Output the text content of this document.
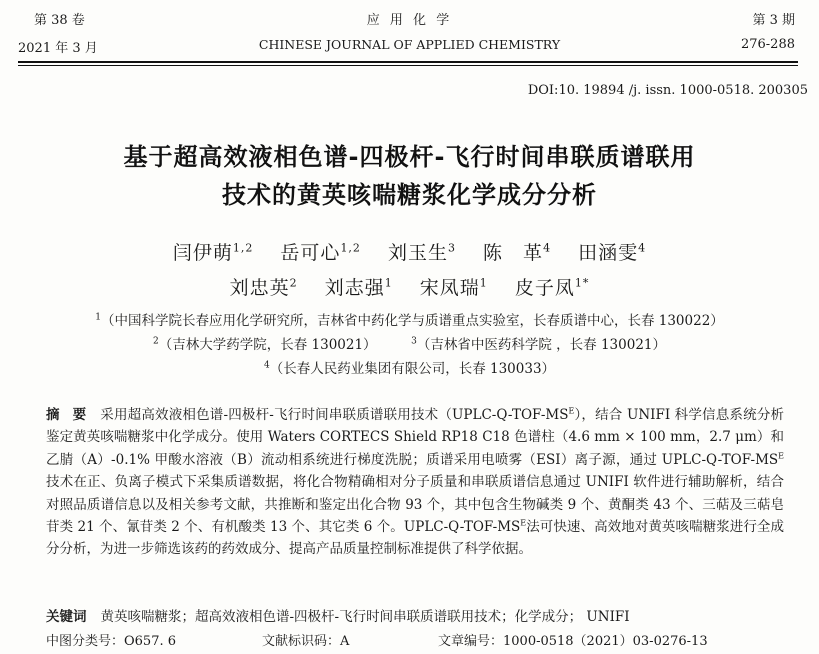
第 38 卷	应 用 化 学	第 3 期
2021 年 3 月	CHINESE JOURNAL OF APPLIED CHEMISTRY	276-288
DOI:10. 19894 /j. issn. 1000-0518. 200305
基于超高效液相色谱-四极杆-飞行时间串联质谱联用
技术的黄英咳喘糖浆化学成分分析
闫伊萌$^{1,2}$ 岳可心$^{1,2}$ 刘玉生$^3$ 陈　革$^4$ 田涵雯$^4$
刘忠英$^2$ 刘志强$^1$ 宋凤瑞$^1$ 皮子凤$^{1*}$
$^1$（中国科学院长春应用化学研究所，吉林省中药化学与质谱重点实验室，长春质谱中心，长春 130022）
$^2$（吉林大学药学院，长春 130021）	$^3$（吉林省中医药科学院 ，长春 130021）
$^4$（长春人民药业集团有限公司，长春 130033）
摘 要 采用超高效液相色谱-四极杆-飞行时间串联质谱联用技术$(UPLC-Q-TOF-MS^E)$，结合 UNIFI 科学信息系统分析鉴定黄英咳喘糖浆中化学成分。使用 Waters CORTECS Shield RP18 C18 色谱柱（4.6 mm × 100 mm，2.7 μm）和 乙腈（A）-0.1% 甲酸水溶液（B）流动相系统进行梯度洗脱；质谱采用电喷雾（ESI）离子源，通过 UPLC-$Q-TOF-MS^E$技术在正、负离子模式下采集质谱数据，将化合物精确相对分子质量和串联质谱信息通过 UNIFI 软件进行辅助解析，结合对照品质谱信息以及相关参考文献，共推断和鉴定出化合物 93 个，其中包含生物碱类 9 个、黄酮类 43 个、三萜及三萜皂苷类 21 个、氰苷类 2 个、有机酸类 13 个、其它类 6 个。UPLC-$Q-TOF-MS^E$法可快速、高效地对黄英咳喘糖浆进行全成分分析，为进一步筛选该药的药效成分、提高产品质量控制标准提供了科学依据。
关键词 黄英咳喘糖浆；超高效液相色谱-四极杆-飞行时间串联质谱联用技术；化学成分； UNIFI
中图分类号：O657. 6	文献标识码：A	文章编号：1000-0518（2021）03-0276-13
